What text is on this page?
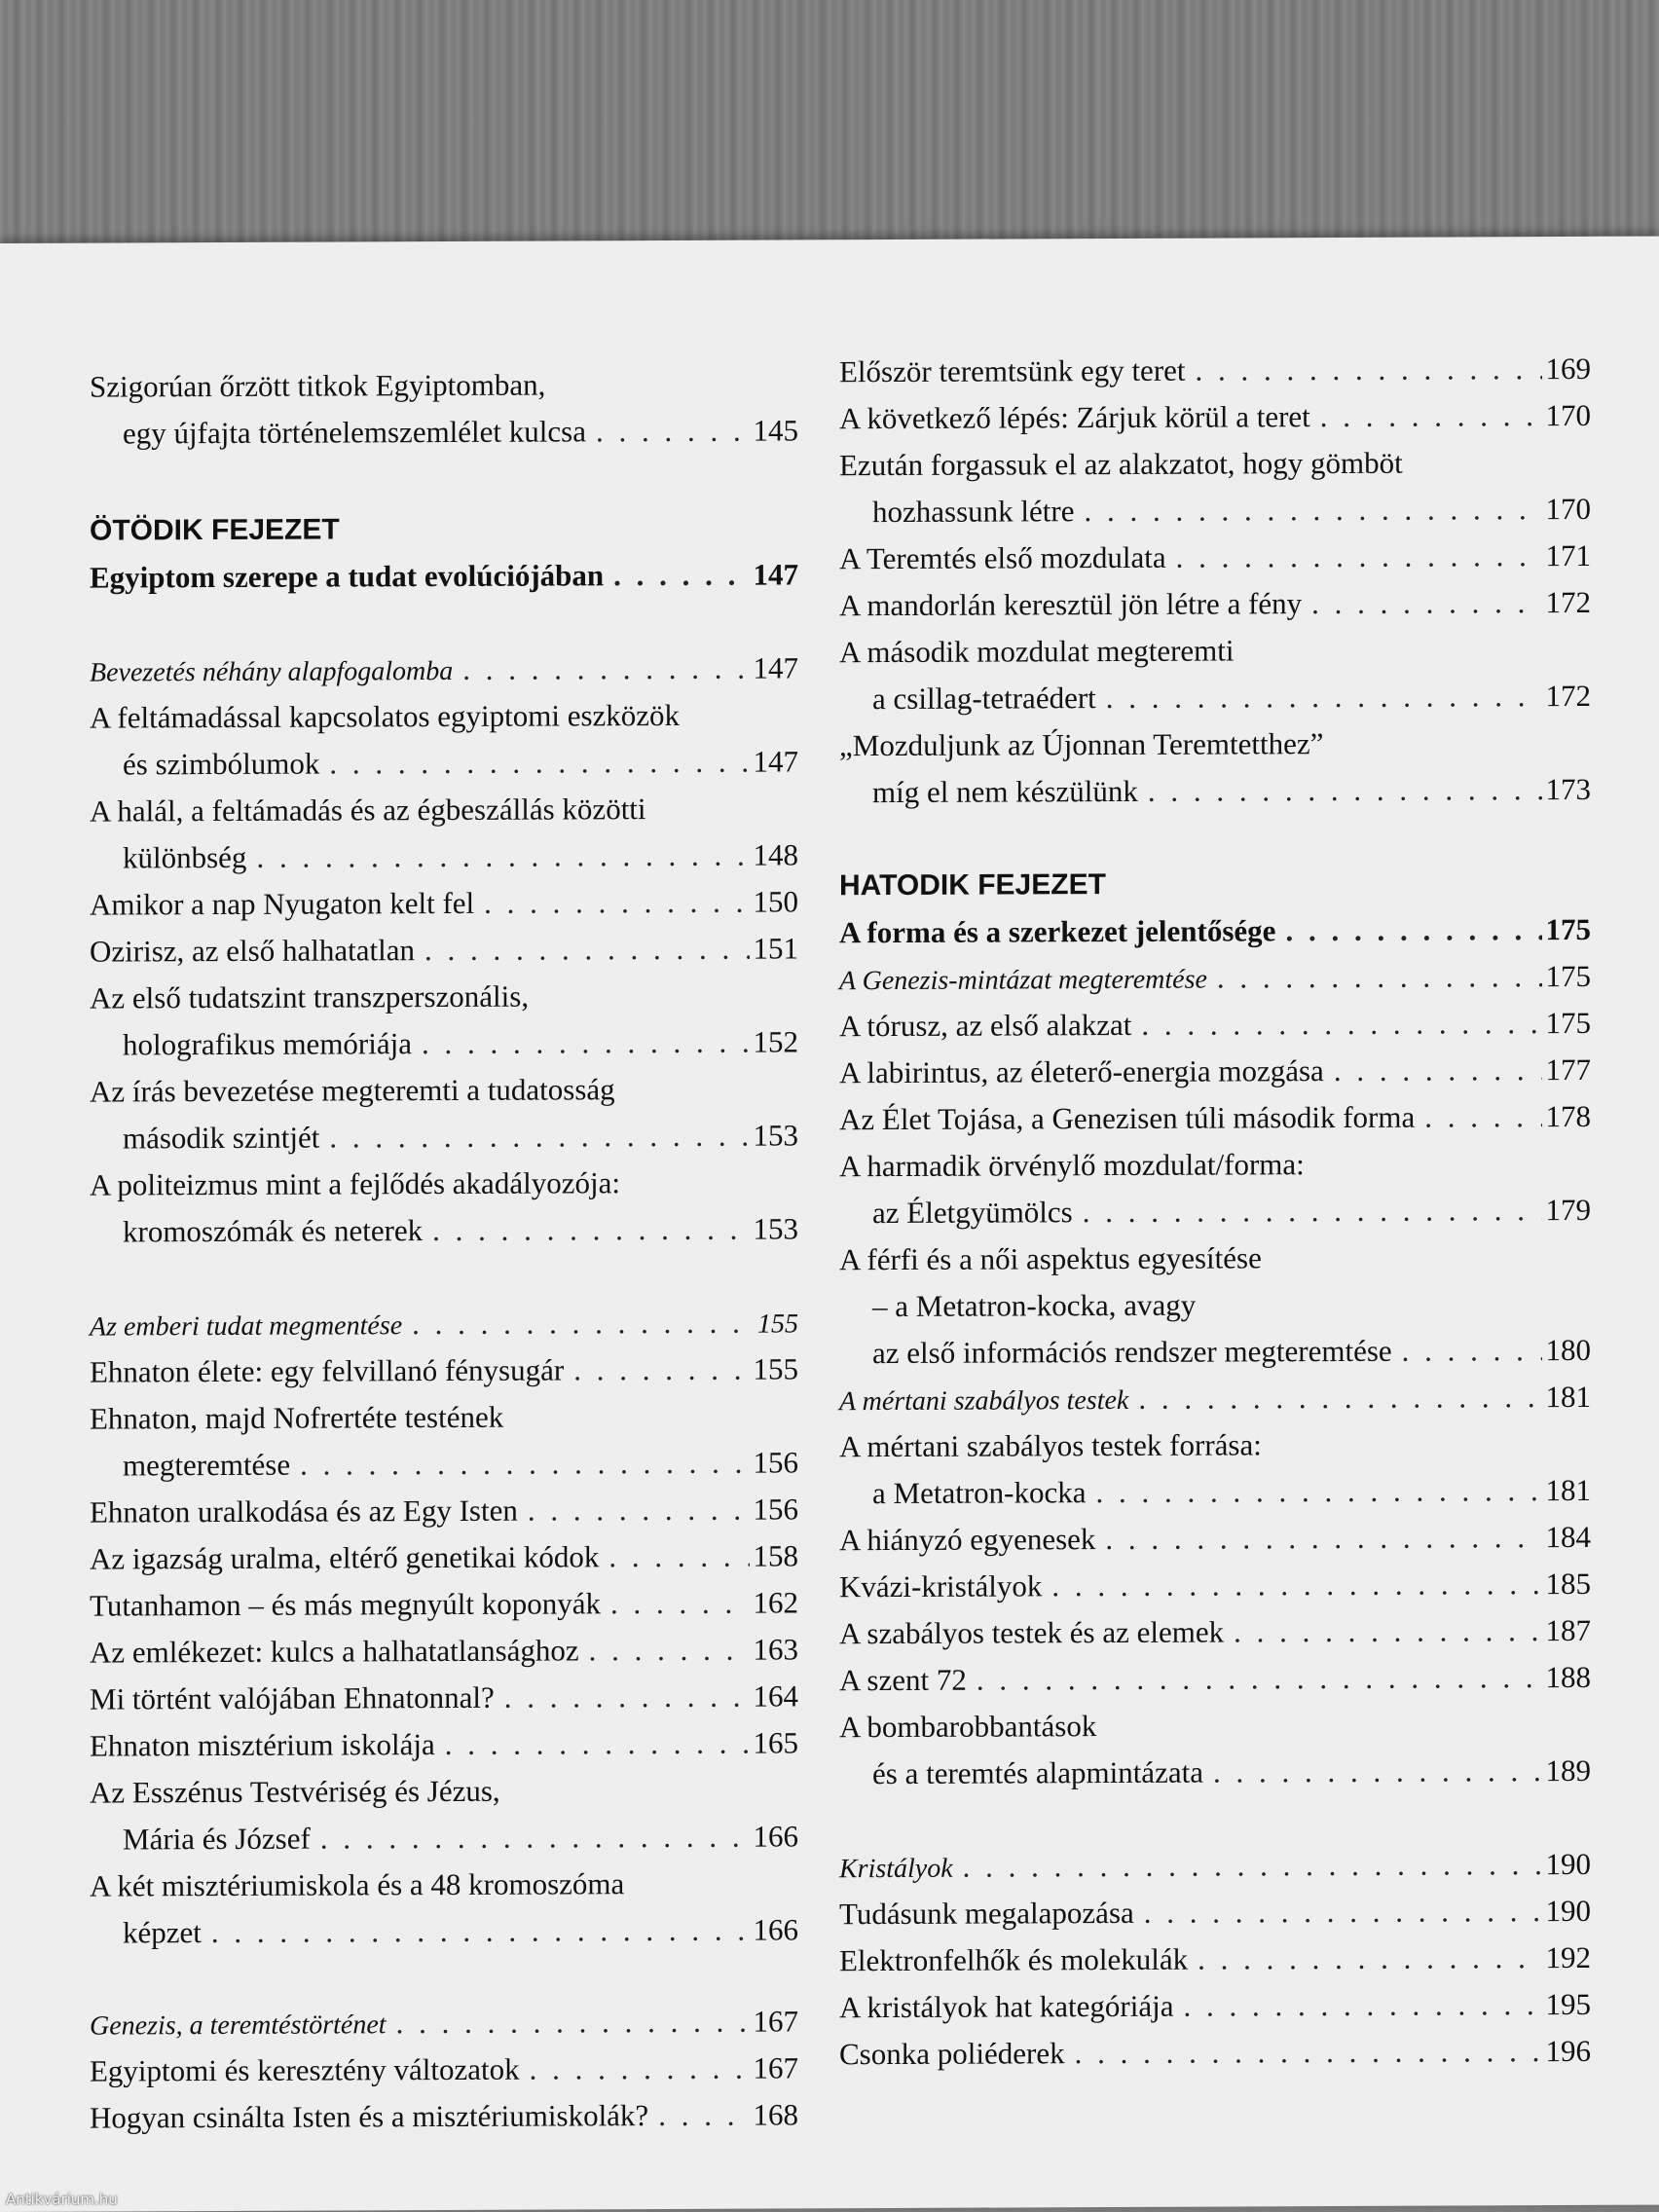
Szigorúan őrzött titkok Egyiptomban,
egy újfajta történelemszemlélet kulcsa . . .	145
ÖTÖDIK FEJEZET
Egyiptom szerepe a tudat evolúciójában . . .	147
Bevezetés néhány alapfogalomba . . .	147
A feltámadással kapcsolatos egyiptomi eszközök
és szimbólumok . . .	147
A halál, a feltámadás és az égbeszállás közötti
különbség . . .	148
Amikor a nap Nyugaton kelt fel . . .	150
Ozirisz, az első halhatatlan . . .	151
Az első tudatszint transzperszonális,
holografikus memóriája . . .	152
Az írás bevezetése megteremti a tudatosság
második szintjét . . .	153
A politeizmus mint a fejlődés akadályozója:
kromoszómák és neterek . . .	153
Az emberi tudat megmentése . . .	155
Ehnaton élete: egy felvillanó fénysugár . . .	155
Ehnaton, majd Nofrertéte testének
megteremtése . . .	156
Ehnaton uralkodása és az Egy Isten . . .	156
Az igazság uralma, eltérő genetikai kódok . . .	158
Tutanhamon – és más megnyúlt koponyák . . .	162
Az emlékezet: kulcs a halhatatlansághoz . . .	163
Mi történt valójában Ehnatonnal? . . .	164
Ehnaton misztérium iskolája . . .	165
Az Esszénus Testvériség és Jézus,
Mária és József . . .	166
A két misztériumiskola és a 48 kromoszóma
képzet . . .	166
Genezis, a teremtéstörténet . . .	167
Egyiptomi és keresztény változatok . . .	167
Hogyan csinálta Isten és a misztériumiskolák? . . .	168
Először teremtsünk egy teret . . .	169
A következő lépés: Zárjuk körül a teret . . .	170
Ezután forgassuk el az alakzatot, hogy gömböt
hozhassunk létre . . .	170
A Teremtés első mozdulata . . .	171
A mandorlán keresztül jön létre a fény . . .	172
A második mozdulat megteremti
a csillag-tetraédert . . .	172
„Mozduljunk az Újonnan Teremtetthez”
míg el nem készülünk . . .	173
HATODIK FEJEZET
A forma és a szerkezet jelentősége . . .	175
A Genezis-mintázat megteremtése . . .	175
A tórusz, az első alakzat . . .	175
A labirintus, az életerő-energia mozgása . . .	177
Az Élet Tojása, a Genezisen túli második forma . . .	178
A harmadik örvénylő mozdulat/forma:
az Életgyümölcs . . .	179
A férfi és a női aspektus egyesítése
– a Metatron-kocka, avagy
az első információs rendszer megteremtése . . .	180
A mértani szabályos testek . . .	181
A mértani szabályos testek forrása:
a Metatron-kocka . . .	181
A hiányzó egyenesek . . .	184
Kvázi-kristályok . . .	185
A szabályos testek és az elemek . . .	187
A szent 72 . . .	188
A bombarobbantások
és a teremtés alapmintázata . . .	189
Kristályok . . .	190
Tudásunk megalapozása . . .	190
Elektronfelhők és molekulák . . .	192
A kristályok hat kategóriája . . .	195
Csonka poliéderek . . .	196
Antikvárium.hu
